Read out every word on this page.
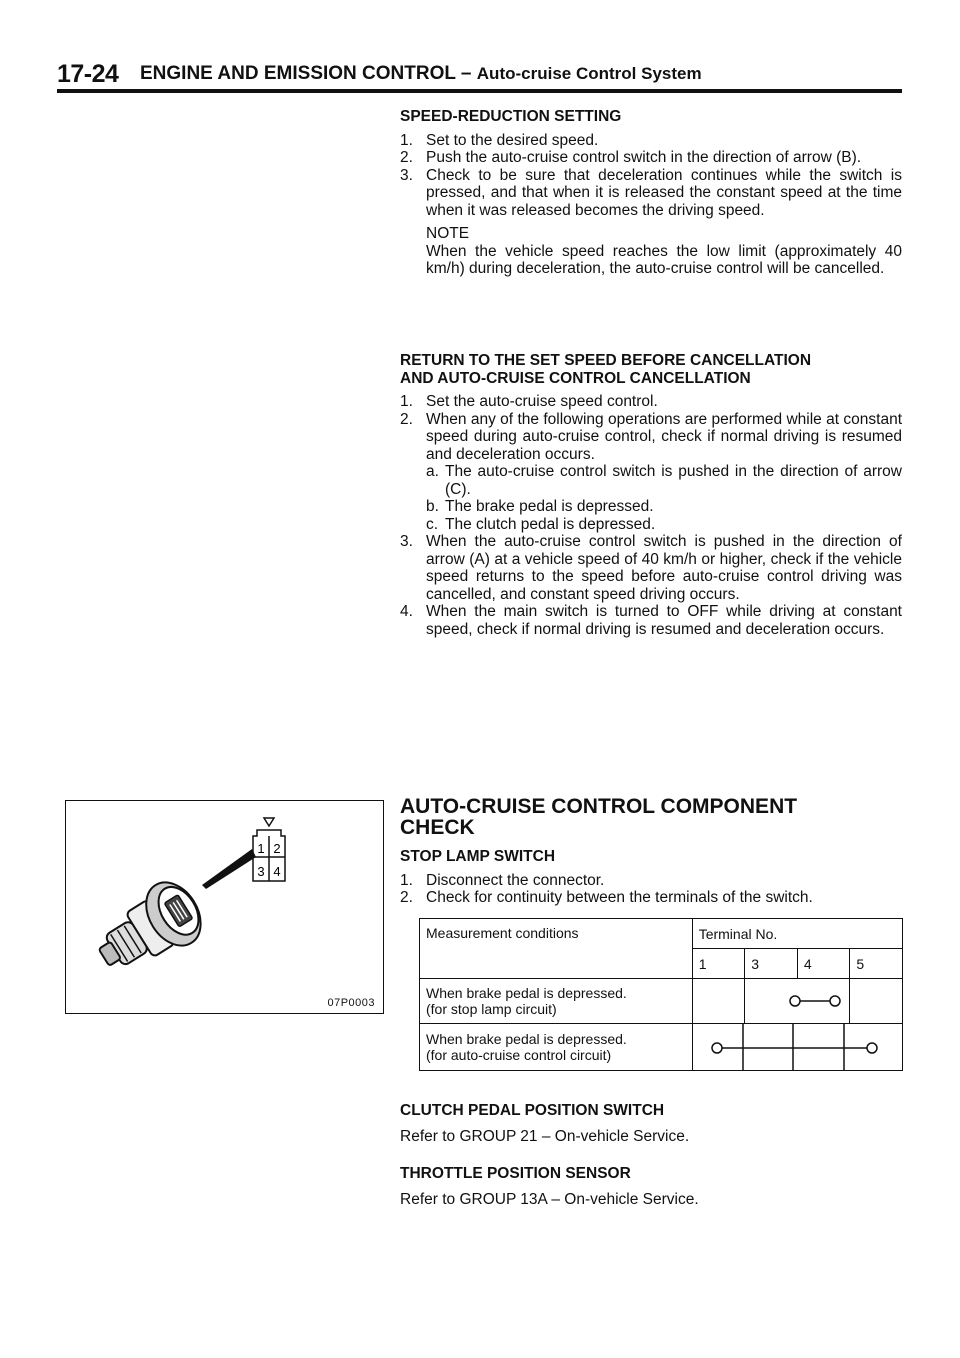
17-24 ENGINE AND EMISSION CONTROL – Auto-cruise Control System

SPEED-REDUCTION SETTING

1. Set to the desired speed.
2. Push the auto-cruise control switch in the direction of arrow (B).
3. Check to be sure that deceleration continues while the switch is pressed, and that when it is released the constant speed at the time when it was released becomes the driving speed.

NOTE

When the vehicle speed reaches the low limit (approximately 40 km/h) during deceleration, the auto-cruise control will be cancelled.

RETURN TO THE SET SPEED BEFORE CANCELLATION

AND AUTO-CRUISE CONTROL CANCELLATION

1. Set the auto-cruise speed control.
2. When any of the following operations are performed while at constant speed during auto-cruise control, check if normal driving is resumed and deceleration occurs.
a. The auto-cruise control switch is pushed in the direction of arrow (C).
b. The brake pedal is depressed.
c. The clutch pedal is depressed.
3. When the auto-cruise control switch is pushed in the direction of arrow (A) at a vehicle speed of 40 km/h or higher, check if the vehicle speed returns to the speed before auto-cruise control driving was cancelled, and constant speed driving occurs.
4. When the main switch is turned to OFF while driving at constant speed, check if normal driving is resumed and deceleration occurs.
1 2
3 4
07P0003

AUTO-CRUISE CONTROL COMPONENT

CHECK

STOP LAMP SWITCH

1. Disconnect the connector.
2. Check for continuity between the terminals of the switch.
Measurement conditions	Terminal No.			
	1	3	4	5

When brake pedal is depressed.
(for stop lamp circuit)

When brake pedal is depressed.
(for auto-cruise control circuit)

CLUTCH PEDAL POSITION SWITCH

Refer to GROUP 21 – On-vehicle Service.

THROTTLE POSITION SENSOR

Refer to GROUP 13A – On-vehicle Service.
